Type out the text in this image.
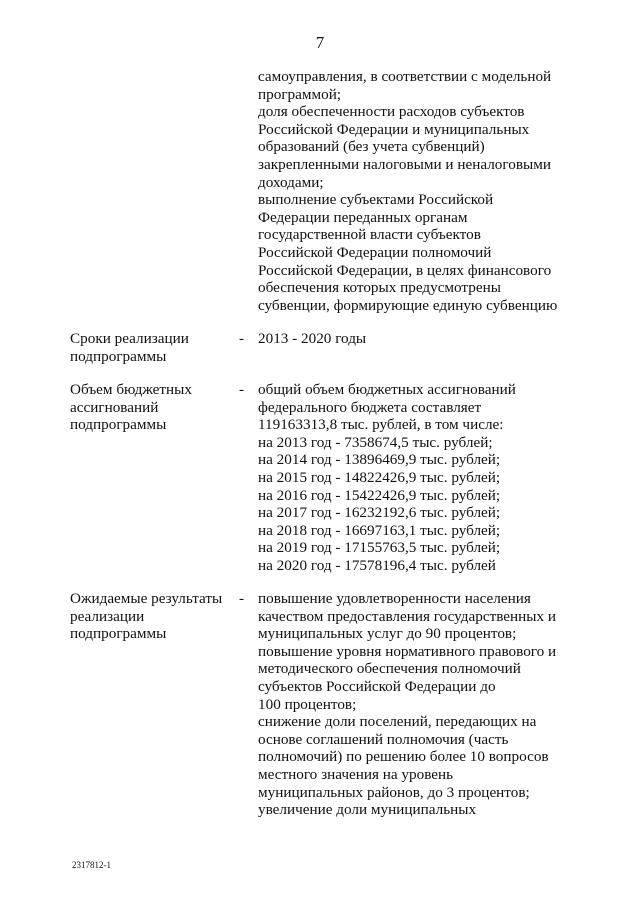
7
самоуправления, в соответствии с модельной
программой;
доля обеспеченности расходов субъектов
Российской Федерации и муниципальных
образований (без учета субвенций)
закрепленными налоговыми и неналоговыми
доходами;
выполнение субъектами Российской
Федерации переданных органам
государственной власти субъектов
Российской Федерации полномочий
Российской Федерации, в целях финансового
обеспечения которых предусмотрены
субвенции, формирующие единую субвенцию
Сроки реализации
подпрограммы
- 2013 - 2020 годы
Объем бюджетных
ассигнований
подпрограммы
- общий объем бюджетных ассигнований
федерального бюджета составляет
119163313,8 тыс. рублей, в том числе:
на 2013 год - 7358674,5 тыс. рублей;
на 2014 год - 13896469,9 тыс. рублей;
на 2015 год - 14822426,9 тыс. рублей;
на 2016 год - 15422426,9 тыс. рублей;
на 2017 год - 16232192,6 тыс. рублей;
на 2018 год - 16697163,1 тыс. рублей;
на 2019 год - 17155763,5 тыс. рублей;
на 2020 год - 17578196,4 тыс. рублей
Ожидаемые результаты
реализации
подпрограммы
- повышение удовлетворенности населения
качеством предоставления государственных и
муниципальных услуг до 90 процентов;
повышение уровня нормативного правового и
методического обеспечения полномочий
субъектов Российской Федерации до
100 процентов;
снижение доли поселений, передающих на
основе соглашений полномочия (часть
полномочий) по решению более 10 вопросов
местного значения на уровень
муниципальных районов, до 3 процентов;
увеличение доли муниципальных
2317812-1
